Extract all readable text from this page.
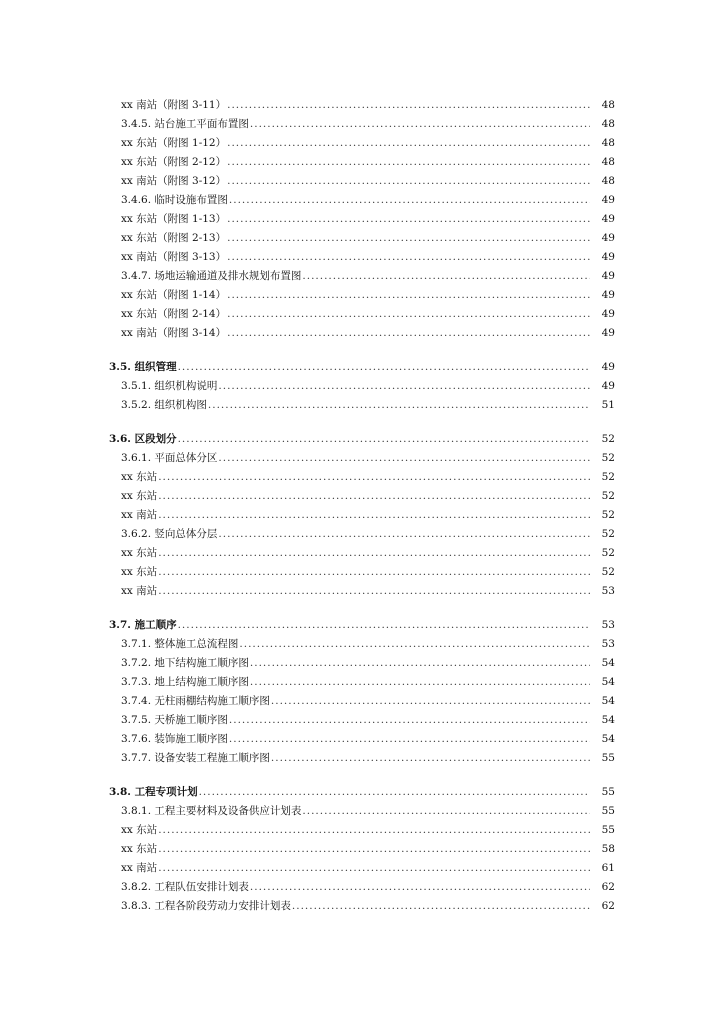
xx 南站（附图 3-11） .....	48
3.4.5. 站台施工平面布置图 .....	48
xx 东站（附图 1-12） .....	48
xx 东站（附图 2-12） .....	48
xx 南站（附图 3-12） .....	48
3.4.6. 临时设施布置图 .....	49
xx 东站（附图 1-13） .....	49
xx 东站（附图 2-13） .....	49
xx 南站（附图 3-13） .....	49
3.4.7. 场地运输通道及排水规划布置图 .....	49
xx 东站（附图 1-14） .....	49
xx 东站（附图 2-14） .....	49
xx 南站（附图 3-14） .....	49
3.5. 组织管理 .....	49
3.5.1. 组织机构说明 .....	49
3.5.2. 组织机构图 .....	51
3.6. 区段划分 .....	52
3.6.1. 平面总体分区 .....	52
xx 东站 .....	52
xx 东站 .....	52
xx 南站 .....	52
3.6.2. 竖向总体分层 .....	52
xx 东站 .....	52
xx 东站 .....	52
xx 南站 .....	53
3.7. 施工顺序 .....	53
3.7.1. 整体施工总流程图 .....	53
3.7.2. 地下结构施工顺序图 .....	54
3.7.3. 地上结构施工顺序图 .....	54
3.7.4. 无柱雨棚结构施工顺序图 .....	54
3.7.5. 天桥施工顺序图 .....	54
3.7.6. 装饰施工顺序图 .....	54
3.7.7. 设备安装工程施工顺序图 .....	55
3.8. 工程专项计划 .....	55
3.8.1. 工程主要材料及设备供应计划表 .....	55
xx 东站 .....	55
xx 东站 .....	58
xx 南站 .....	61
3.8.2. 工程队伍安排计划表 .....	62
3.8.3. 工程各阶段劳动力安排计划表 .....	62
